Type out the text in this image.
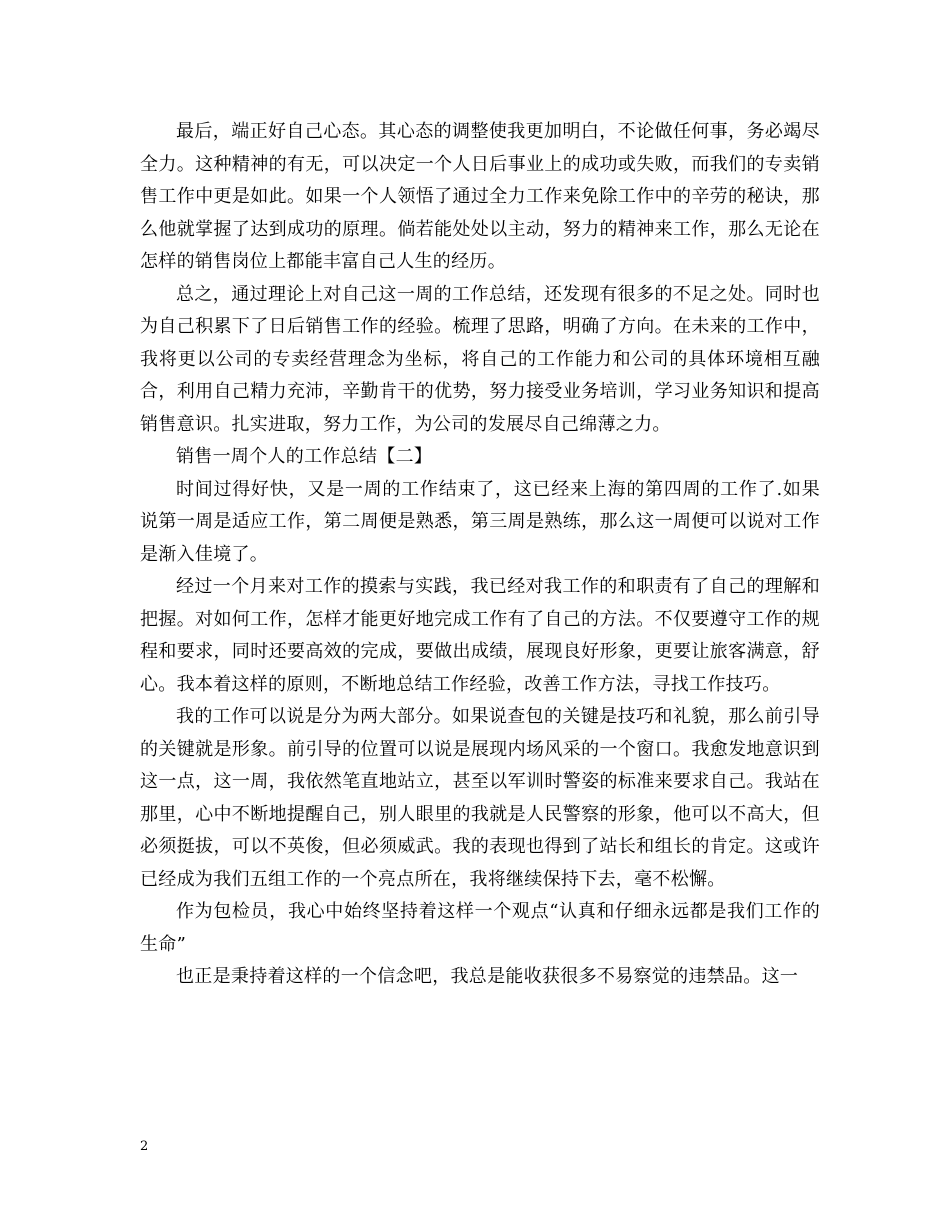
最后，端正好自己心态。其心态的调整使我更加明白，不论做任何事，务必竭尽全力。这种精神的有无，可以决定一个人日后事业上的成功或失败，而我们的专卖销售工作中更是如此。如果一个人领悟了通过全力工作来免除工作中的辛劳的秘诀，那么他就掌握了达到成功的原理。倘若能处处以主动，努力的精神来工作，那么无论在怎样的销售岗位上都能丰富自己人生的经历。

总之，通过理论上对自己这一周的工作总结，还发现有很多的不足之处。同时也为自己积累下了日后销售工作的经验。梳理了思路，明确了方向。在未来的工作中，我将更以公司的专卖经营理念为坐标，将自己的工作能力和公司的具体环境相互融合，利用自己精力充沛，辛勤肯干的优势，努力接受业务培训，学习业务知识和提高销售意识。扎实进取，努力工作，为公司的发展尽自己绵薄之力。

销售一周个人的工作总结【二】

时间过得好快，又是一周的工作结束了，这已经来上海的第四周的工作了.如果说第一周是适应工作，第二周便是熟悉，第三周是熟练，那么这一周便可以说对工作是渐入佳境了。

经过一个月来对工作的摸索与实践，我已经对我工作的和职责有了自己的理解和把握。对如何工作，怎样才能更好地完成工作有了自己的方法。不仅要遵守工作的规程和要求，同时还要高效的完成，要做出成绩，展现良好形象，更要让旅客满意，舒心。我本着这样的原则，不断地总结工作经验，改善工作方法，寻找工作技巧。

我的工作可以说是分为两大部分。如果说查包的关键是技巧和礼貌，那么前引导的关键就是形象。前引导的位置可以说是展现内场风采的一个窗口。我愈发地意识到这一点，这一周，我依然笔直地站立，甚至以军训时警姿的标准来要求自己。我站在那里，心中不断地提醒自己，别人眼里的我就是人民警察的形象，他可以不高大，但必须挺拔，可以不英俊，但必须威武。我的表现也得到了站长和组长的肯定。这或许已经成为我们五组工作的一个亮点所在，我将继续保持下去，毫不松懈。

作为包检员，我心中始终坚持着这样一个观点“认真和仔细永远都是我们工作的生命”

也正是秉持着这样的一个信念吧，我总是能收获很多不易察觉的违禁品。这一

2
